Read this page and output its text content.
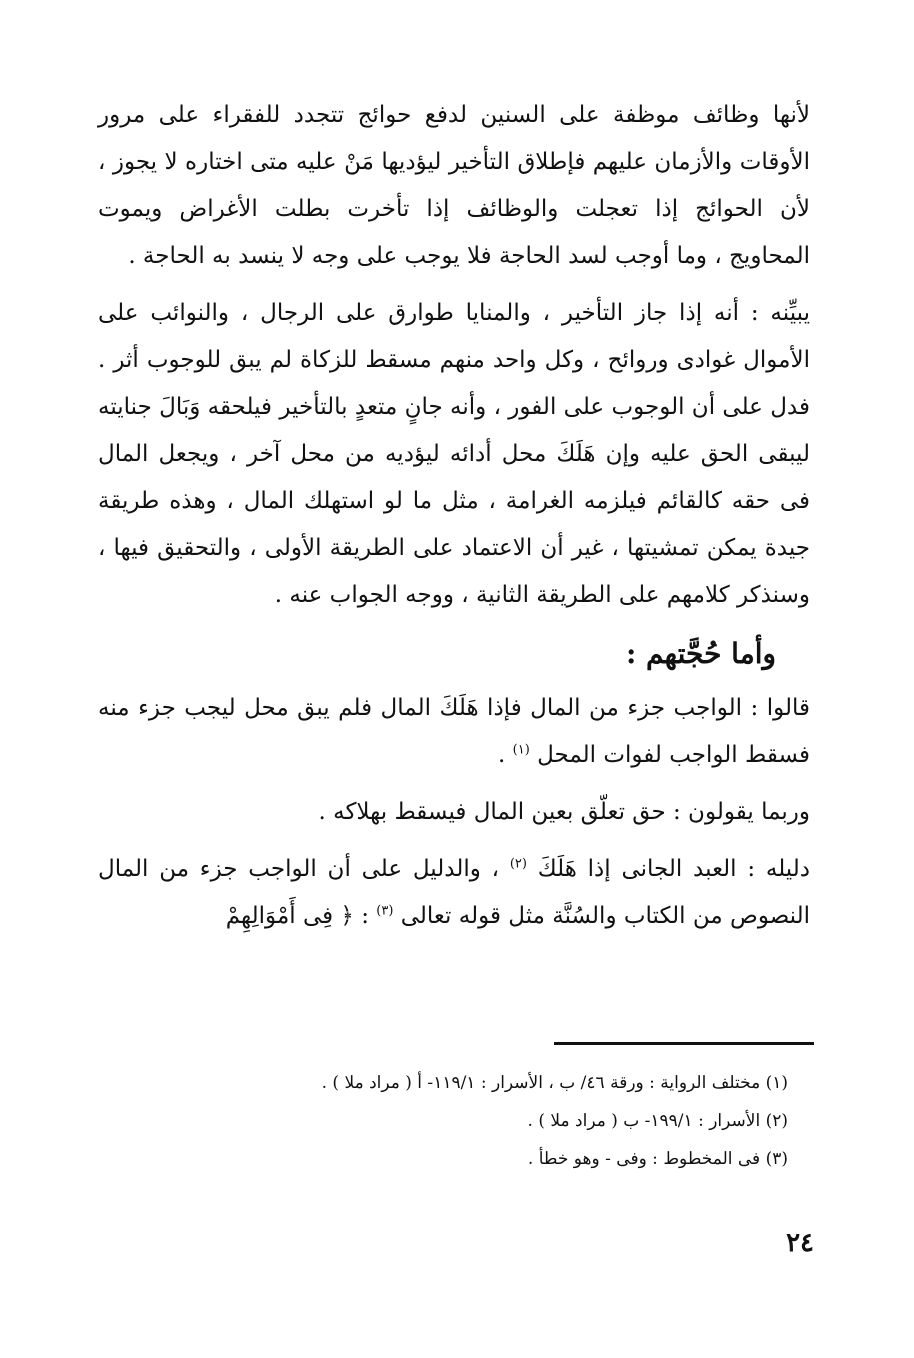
لأنها وظائف موظفة على السنين لدفع حوائج تتجدد للفقراء على مرور الأوقات والأزمان عليهم فإطلاق التأخير ليؤديها مَنْ عليه متى اختاره لا يجوز ، لأن الحوائج إذا تعجلت والوظائف إذا تأخرت بطلت الأغراض ويموت المحاويج ، وما أوجب لسد الحاجة فلا يوجب على وجه لا ينسد به الحاجة .

يبيِّنه : أنه إذا جاز التأخير ، والمنايا طوارق على الرجال ، والنوائب على الأموال غوادى وروائح ، وكل واحد منهم مسقط للزكاة لم يبق للوجوب أثر . فدل على أن الوجوب على الفور ، وأنه جانٍ متعدٍ بالتأخير فيلحقه وَبَالَ جنايته ليبقى الحق عليه وإن هَلَكَ محل أدائه ليؤديه من محل آخر ، ويجعل المال فى حقه كالقائم فيلزمه الغرامة ، مثل ما لو استهلك المال ، وهذه طريقة جيدة يمكن تمشيتها ، غير أن الاعتماد على الطريقة الأولى ، والتحقيق فيها ، وسنذكر كلامهم على الطريقة الثانية ، ووجه الجواب عنه .

وأما حُجَّتهم :

قالوا : الواجب جزء من المال فإذا هَلَكَ المال فلم يبق محل ليجب جزء منه فسقط الواجب لفوات المحل $^{(١)}$ .

وربما يقولون : حق تعلّق بعين المال فيسقط بهلاكه .

دليله : العبد الجانى إذا هَلَكَ $^{(٢)}$ ، والدليل على أن الواجب جزء من المال النصوص من الكتاب والسُنَّة مثل قوله تعالى $^{(٣)}$ : ﴿ فِى أَمْوَالِهِمْ

(١) مختلف الرواية : ورقة ٤٦/ ب ، الأسرار : ١١٩/١- أ ( مراد ملا ) .
(٢) الأسرار : ١٩٩/١- ب ( مراد ملا ) .
(٣) فى المخطوط : وفى - وهو خطأ .
٢٤
